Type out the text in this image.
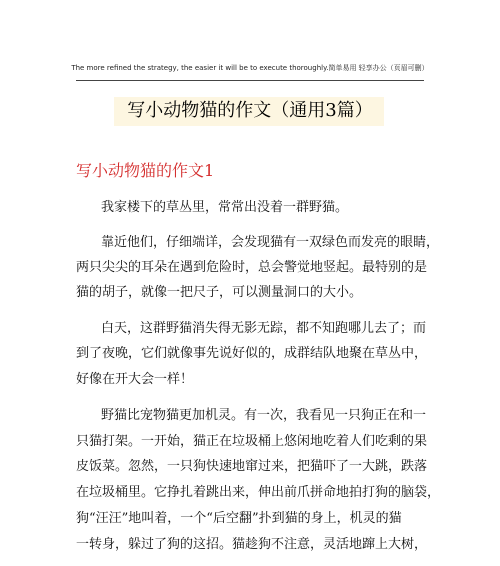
The more refined the strategy, the easier it will be to execute thoroughly.简单易用 轻享办公（页眉可删）
写小动物猫的作文（通用3篇）
写小动物猫的作文1
我家楼下的草丛里，常常出没着一群野猫。
靠近他们，仔细端详，会发现猫有一双绿色而发亮的眼睛，
两只尖尖的耳朵在遇到危险时，总会警觉地竖起。最特别的是
猫的胡子，就像一把尺子，可以测量洞口的大小。
白天，这群野猫消失得无影无踪，都不知跑哪儿去了；而
到了夜晚，它们就像事先说好似的，成群结队地聚在草丛中，
好像在开大会一样！
野猫比宠物猫更加机灵。有一次，我看见一只狗正在和一
只猫打架。一开始，猫正在垃圾桶上悠闲地吃着人们吃剩的果
皮饭菜。忽然，一只狗快速地窜过来，把猫吓了一大跳，跌落
在垃圾桶里。它挣扎着跳出来，伸出前爪拼命地拍打狗的脑袋，
狗“汪汪”地叫着，一个“后空翻”扑到猫的身上，机灵的猫
一转身，躲过了狗的这招。猫趁狗不注意，灵活地蹿上大树，
